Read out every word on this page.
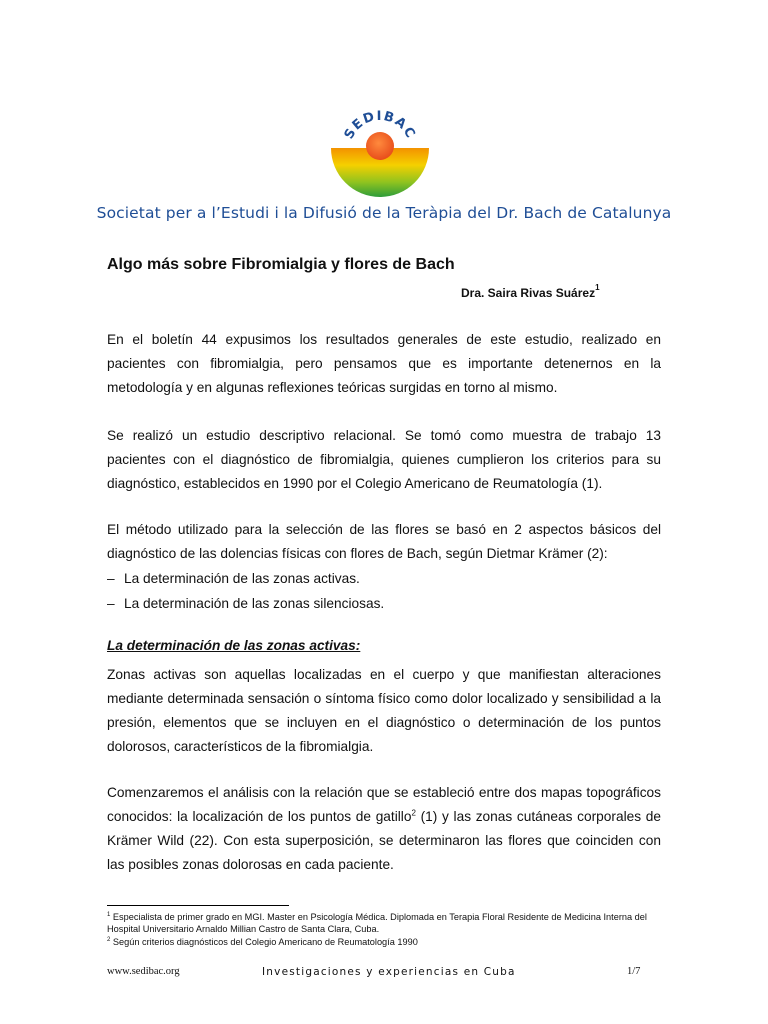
SEDIBAC
Societat per a l’Estudi i la Difusió de la Teràpia del Dr. Bach de Catalunya
Algo más sobre Fibromialgia y flores de Bach
Dra. Saira Rivas Suárez$^1$

En el boletín 44 expusimos los resultados generales de este estudio, realizado en pacientes con fibromialgia, pero pensamos que es importante detenernos en la metodología y en algunas reflexiones teóricas surgidas en torno al mismo.

Se realizó un estudio descriptivo relacional. Se tomó como muestra de trabajo 13 pacientes con el diagnóstico de fibromialgia, quienes cumplieron los criterios para su diagnóstico, establecidos en 1990 por el Colegio Americano de Reumatología (1).

El método utilizado para la selección de las flores se basó en 2 aspectos básicos del diagnóstico de las dolencias físicas con flores de Bach, según Dietmar Krämer (2):

– La determinación de las zonas activas.
– La determinación de las zonas silenciosas.
La determinación de las zonas activas:

Zonas activas son aquellas localizadas en el cuerpo y que manifiestan alteraciones mediante determinada sensación o síntoma físico como dolor localizado y sensibilidad a la presión, elementos que se incluyen en el diagnóstico o determinación de los puntos dolorosos, característicos de la fibromialgia.

Comenzaremos el análisis con la relación que se estableció entre dos mapas topográficos conocidos: la localización de los puntos de gatillo$^2$ (1) y las zonas cutáneas corporales de Krämer Wild (22). Con esta superposición, se determinaron las flores que coinciden con las posibles zonas dolorosas en cada paciente.

$^1$ Especialista de primer grado en MGI. Master en Psicología Médica. Diplomada en Terapia Floral Residente de Medicina Interna del Hospital Universitario Arnaldo Millian Castro de Santa Clara, Cuba.

$^2$ Según criterios diagnósticos del Colegio Americano de Reumatología 1990

www.sedibac.org	Investigaciones y experiencias en Cuba	1/7
